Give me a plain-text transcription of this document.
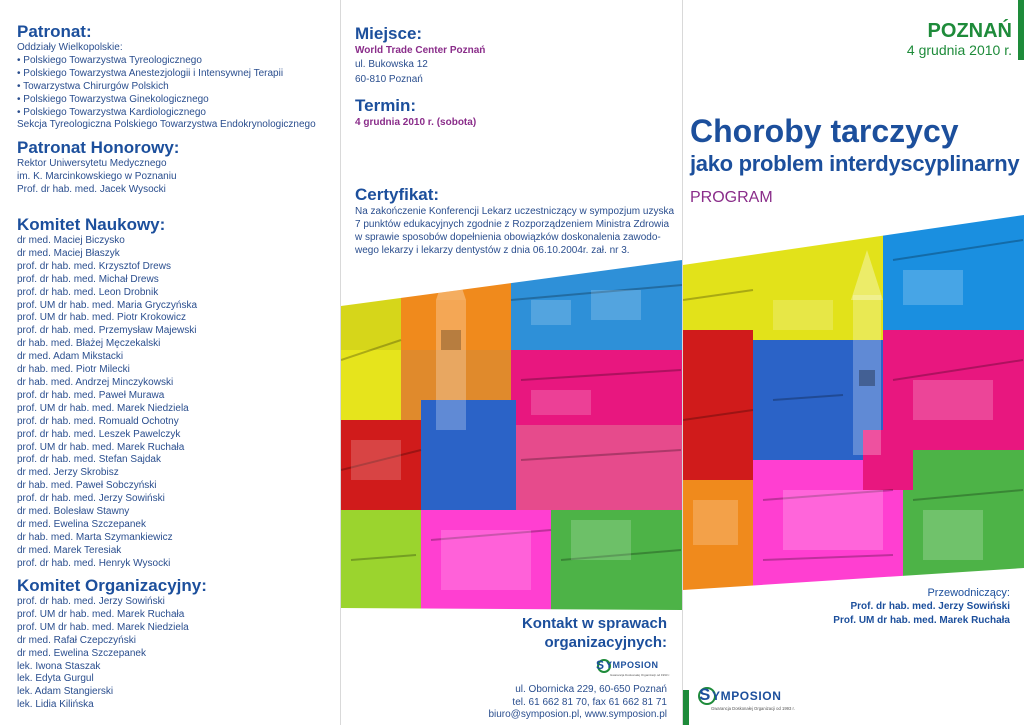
Patronat:
Oddziały Wielkopolskie:
• Polskiego Towarzystwa Tyreologicznego
• Polskiego Towarzystwa Anestezjologii i Intensywnej Terapii
• Towarzystwa Chirurgów Polskich
• Polskiego Towarzystwa Ginekologicznego
• Polskiego Towarzystwa Kardiologicznego
Sekcja Tyreologiczna Polskiego Towarzystwa Endokrynologicznego
Patronat Honorowy:
Rektor Uniwersytetu Medycznego
im. K. Marcinkowskiego w Poznaniu
Prof. dr hab. med. Jacek Wysocki
Komitet Naukowy:
dr med. Maciej Biczysko
dr med. Maciej Błaszyk
prof. dr hab. med. Krzysztof Drews
prof. dr hab. med. Michał Drews
prof. dr hab. med. Leon Drobnik
prof. UM dr hab. med. Maria Gryczyńska
prof. UM dr hab. med. Piotr Krokowicz
prof. dr hab. med. Przemysław Majewski
dr hab. med. Błażej Męczekalski
dr med. Adam Mikstacki
dr hab. med. Piotr Milecki
dr hab. med. Andrzej Minczykowski
prof. dr hab. med. Paweł Murawa
prof. UM dr hab. med. Marek Niedziela
prof. dr hab. med. Romuald Ochotny
prof. dr hab. med. Leszek Pawelczyk
prof. UM dr hab. med. Marek Ruchała
prof. dr hab. med. Stefan Sajdak
dr med. Jerzy Skrobisz
dr hab. med. Paweł Sobczyński
prof. dr hab. med. Jerzy Sowiński
dr med. Bolesław Stawny
dr med. Ewelina Szczepanek
dr hab. med. Marta Szymankiewicz
dr med. Marek Teresiak
prof. dr hab. med. Henryk Wysocki
Komitet Organizacyjny:
prof. dr hab. med. Jerzy Sowiński
prof. UM dr hab. med. Marek Ruchała
prof. UM dr hab. med. Marek Niedziela
dr med. Rafał Czepczyński
dr med. Ewelina Szczepanek
lek. Iwona Staszak
lek. Edyta Gurgul
lek. Adam Stangierski
lek. Lidia Kilińska
Miejsce:
World Trade Center Poznań
ul. Bukowska 12
60-810 Poznań
Termin:
4 grudnia 2010 r. (sobota)
Certyfikat:
Na zakończenie Konferencji Lekarz uczestniczący w sympozjum uzyska
7 punktów edukacyjnych zgodnie z Rozporządzeniem Ministra Zdrowia
w sprawie sposobów dopełnienia obowiązków doskonalenia zawodo-
wego lekarzy i lekarzy dentystów z dnia 06.10.2004r. zał. nr 3.
Kontakt w sprawach
organizacyjnych:
S YMPOSION
Gwarancja Doskonałej Organizacji od 1993 r.
ul. Obornicka 229, 60-650 Poznań
tel. 61 662 81 70, fax 61 662 81 71
biuro@symposion.pl, www.symposion.pl
POZNAŃ
4 grudnia 2010 r.
Choroby tarczycy
jako problem interdyscyplinarny
PROGRAM
Przewodniczący:
Prof. dr hab. med. Jerzy Sowiński
Prof. UM dr hab. med. Marek Ruchała
S YMPOSION
Gwarancja Doskonałej Organizacji od 1993 r.
